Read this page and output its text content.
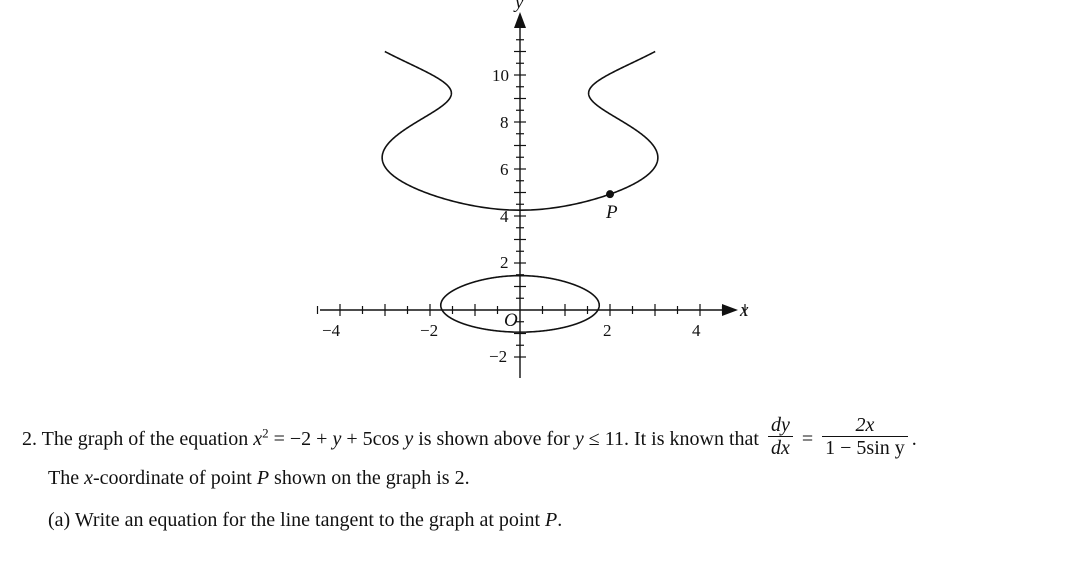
y
x
O
P
−4	−2	2	4
−2
2
4
6
8
10
2. The graph of the equation $x^2 = -2 + y + 5\cos$ y is shown above for y ≤ 11. It is known that $\frac{dy}{dx} = \frac{2x}{\text{1 − 5sin y}}$ .
The x-coordinate of point P shown on the graph is 2.
(a) Write an equation for the line tangent to the graph at point P.
